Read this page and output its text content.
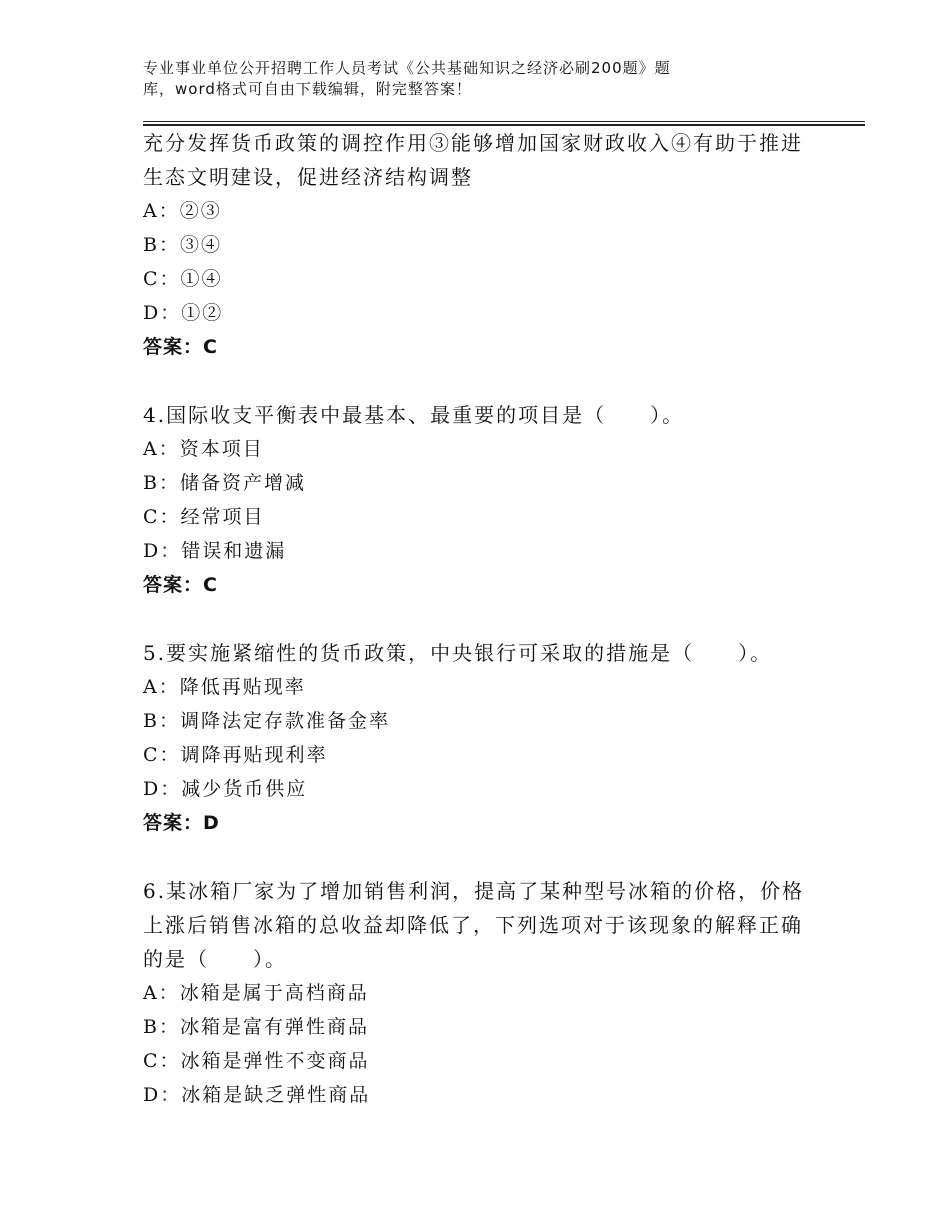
专业事业单位公开招聘工作人员考试《公共基础知识之经济必刷200题》题
库，word格式可自由下载编辑，附完整答案！
充分发挥货币政策的调控作用③能够增加国家财政收入④有助于推进
生态文明建设，促进经济结构调整
A：②③
B：③④
C：①④
D：①②
答案：C
4.国际收支平衡表中最基本、最重要的项目是（　　）。
A：资本项目
B：储备资产增减
C：经常项目
D：错误和遗漏
答案：C
5.要实施紧缩性的货币政策，中央银行可采取的措施是（　　）。
A：降低再贴现率
B：调降法定存款准备金率
C：调降再贴现利率
D：减少货币供应
答案：D
6.某冰箱厂家为了增加销售利润，提高了某种型号冰箱的价格，价格
上涨后销售冰箱的总收益却降低了，下列选项对于该现象的解释正确
的是（　　）。
A：冰箱是属于高档商品
B：冰箱是富有弹性商品
C：冰箱是弹性不变商品
D：冰箱是缺乏弹性商品
